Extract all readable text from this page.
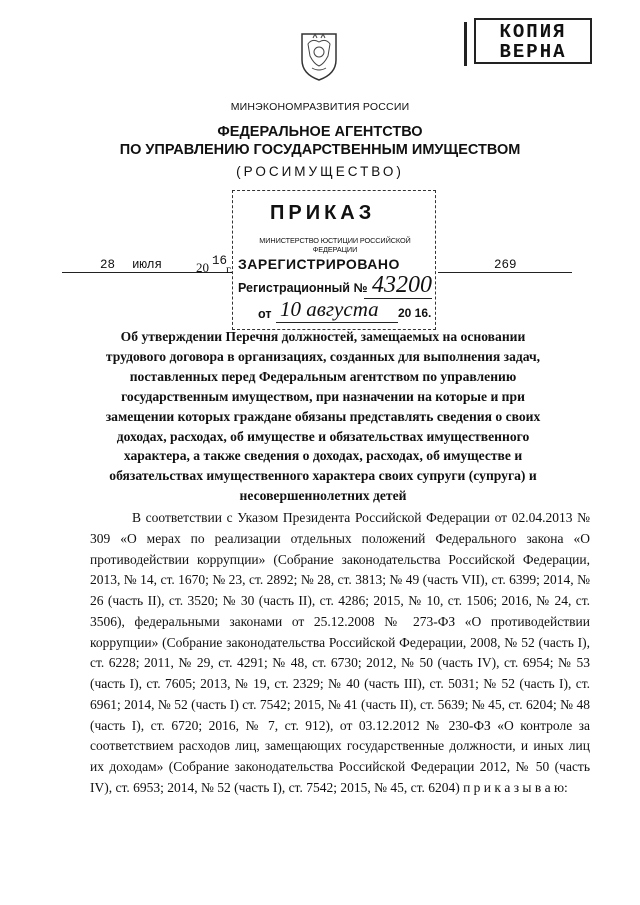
КОПИЯ
ВЕРНА
МИНЭКОНОМРАЗВИТИЯ РОССИИ
ФЕДЕРАЛЬНОЕ АГЕНТСТВО
ПО УПРАВЛЕНИЮ ГОСУДАРСТВЕННЫМ ИМУЩЕСТВОМ
(РОСИМУЩЕСТВО)
ПРИКАЗ
МИНИСТЕРСТВО ЮСТИЦИИ РОССИЙСКОЙ ФЕДЕРАЦИИ
ЗАРЕГИСТРИРОВАНО
Регистрационный № 43200
от 10 августа 20 16.
28 июля	20 16
г.	269
Об утверждении Перечня должностей, замещаемых на основании
трудового договора в организациях, созданных для выполнения задач,
поставленных перед Федеральным агентством по управлению
государственным имуществом, при назначении на которые и при
замещении которых граждане обязаны представлять сведения о своих
доходах, расходах, об имуществе и обязательствах имущественного
характера, а также сведения о доходах, расходах, об имуществе и
обязательствах имущественного характера своих супруги (супруга) и
несовершеннолетних детей
В соответствии с Указом Президента Российской Федерации от 02.04.2013 № 309 «О мерах по реализации отдельных положений Федерального закона «О противодействии коррупции» (Собрание законодательства Российской Федерации, 2013, № 14, ст. 1670; № 23, ст. 2892; № 28, ст. 3813; № 49 (часть VII), ст. 6399; 2014, № 26 (часть II), ст. 3520; № 30 (часть II), ст. 4286; 2015, № 10, ст. 1506; 2016, № 24, ст. 3506), федеральными законами от 25.12.2008 № 273-ФЗ «О противодействии коррупции» (Собрание законодательства Российской Федерации, 2008, № 52 (часть I), ст. 6228; 2011, № 29, ст. 4291; № 48, ст. 6730; 2012, № 50 (часть IV), ст. 6954; № 53 (часть I), ст. 7605; 2013, № 19, ст. 2329; № 40 (часть III), ст. 5031; № 52 (часть I), ст. 6961; 2014, № 52 (часть I) ст. 7542; 2015, № 41 (часть II), ст. 5639; № 45, ст. 6204; № 48 (часть I), ст. 6720; 2016, № 7, ст. 912), от 03.12.2012 № 230-ФЗ «О контроле за соответствием расходов лиц, замещающих государственные должности, и иных лиц их доходам» (Собрание законодательства Российской Федерации 2012, № 50 (часть IV), ст. 6953; 2014, № 52 (часть I), ст. 7542; 2015, № 45, ст. 6204) п р и к а з ы в а ю:
